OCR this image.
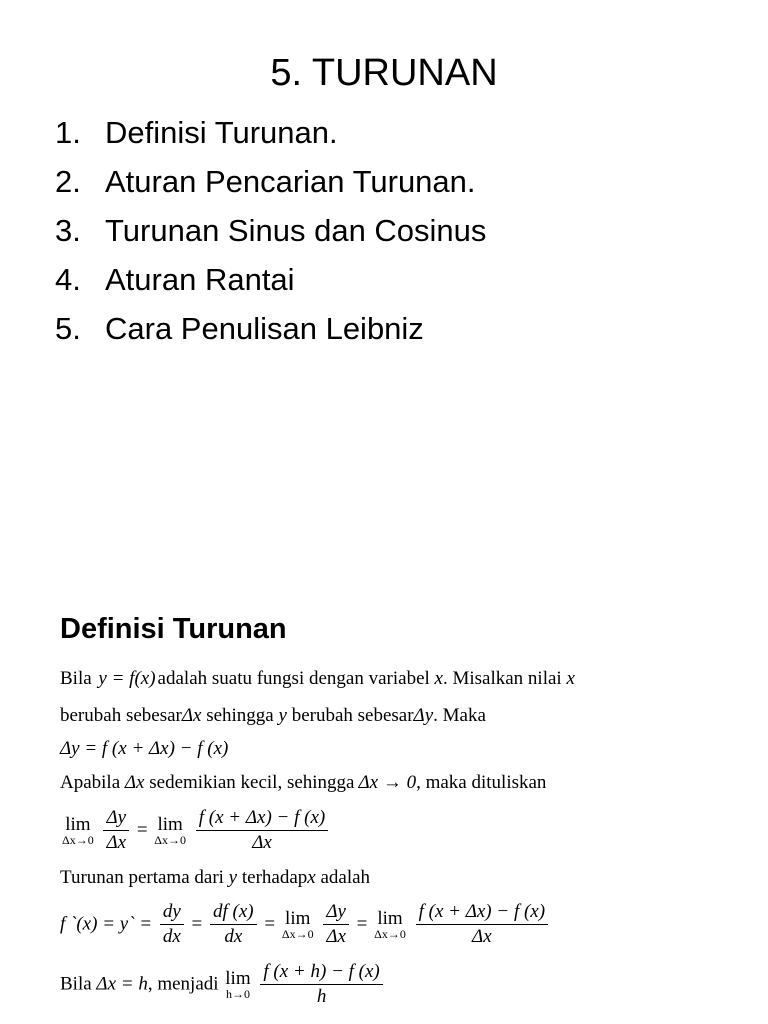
5. TURUNAN
1. Definisi Turunan.
2. Aturan Pencarian Turunan.
3. Turunan Sinus dan Cosinus
4. Aturan Rantai
5. Cara Penulisan Leibniz
Definisi Turunan
Bila y = f(x) adalah suatu fungsi dengan variabel x. Misalkan nilai x
berubah sebesarΔx sehingga y berubah sebesarΔy. Maka
Δy = f (x + Δx) − f (x)
Apabila Δx sedemikian kecil, sehingga Δx → 0, maka dituliskan
lim
Δx→0
$\frac{\Delta y}{\Delta x} = \lim$
Δx→0
$\frac{f (x + \Delta x) - f (x)}{\Delta x}$
Turunan pertama dari y terhadapx adalah
f `(x) = y` = $\frac{dy}{dx} = \frac{df (x)}{dx} = \lim$
Δx→0
$\frac{\Delta y}{\Delta x} = \lim$
Δx→0
$\frac{f (x + \Delta x) - f (x)}{\Delta x}$
Bila Δx = h, menjadi lim
h→0
$\frac{f (x + h) - f (x)}{h}$
